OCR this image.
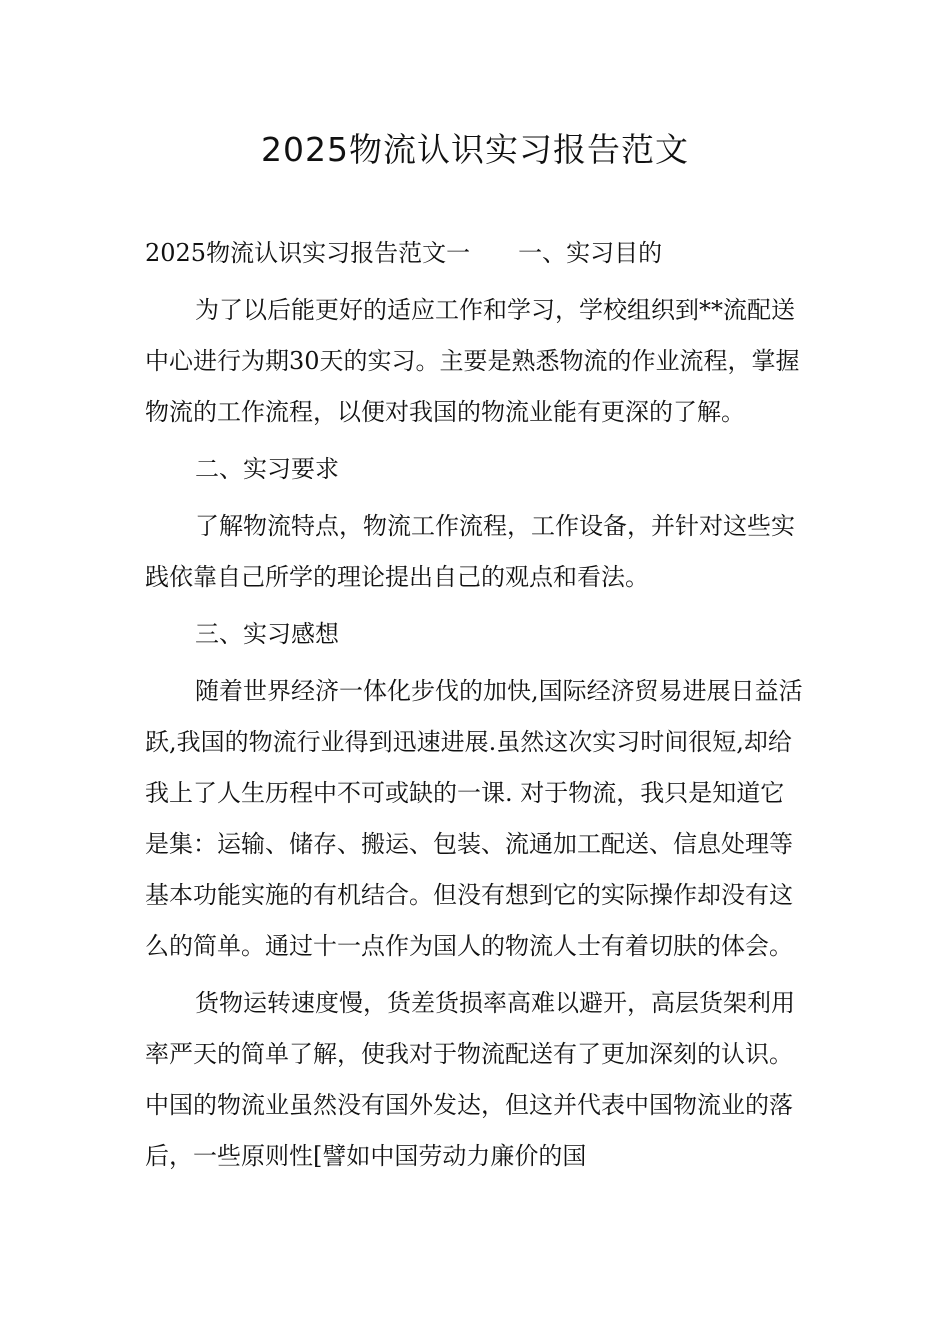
2025物流认识实习报告范文

2025物流认识实习报告范文一 一、实习目的

为了以后能更好的适应工作和学习，学校组织到**流配送中心进行为期30天的实习。主要是熟悉物流的作业流程，掌握物流的工作流程，以便对我国的物流业能有更深的了解。

二、实习要求

了解物流特点，物流工作流程，工作设备，并针对这些实践依靠自己所学的理论提出自己的观点和看法。

三、实习感想

随着世界经济一体化步伐的加快,国际经济贸易进展日益活跃,我国的物流行业得到迅速进展.虽然这次实习时间很短,却给我上了人生历程中不可或缺的一课. 对于物流，我只是知道它是集：运输、储存、搬运、包装、流通加工配送、信息处理等基本功能实施的有机结合。但没有想到它的实际操作却没有这么的简单。通过十一点作为国人的物流人士有着切肤的体会。

货物运转速度慢，货差货损率高难以避开，高层货架利用率严天的简单了解，使我对于物流配送有了更加深刻的认识。中国的物流业虽然没有国外发达，但这并代表中国物流业的落后，一些原则性[譬如中国劳动力廉价的国
